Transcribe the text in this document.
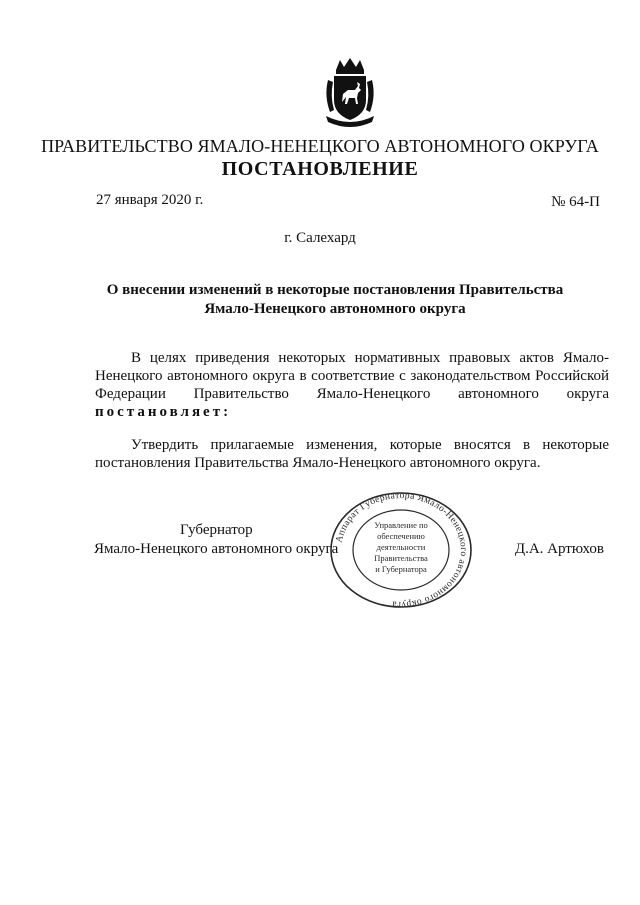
ПРАВИТЕЛЬСТВО ЯМАЛО-НЕНЕЦКОГО АВТОНОМНОГО ОКРУГА
ПОСТАНОВЛЕНИЕ
27 января 2020 г.	№ 64-П
г. Салехард
О внесении изменений в некоторые постановления Правительства
Ямало-Ненецкого автономного округа
В целях приведения некоторых нормативных правовых актов Ямало-
Ненецкого автономного округа в соответствие с законодательством Российской
Федерации Правительство Ямало-Ненецкого автономного округа
постановляет:
Утвердить прилагаемые изменения, которые вносятся в некоторые
постановления Правительства Ямало-Ненецкого автономного округа.
Губернатор
Ямало-Ненецкого автономного округа	Д.А. Артюхов
Аппарат Губернатора Ямало-Ненецкого автономного округа
Управление по
обеспечению
деятельности
Правительства
и Губернатора
